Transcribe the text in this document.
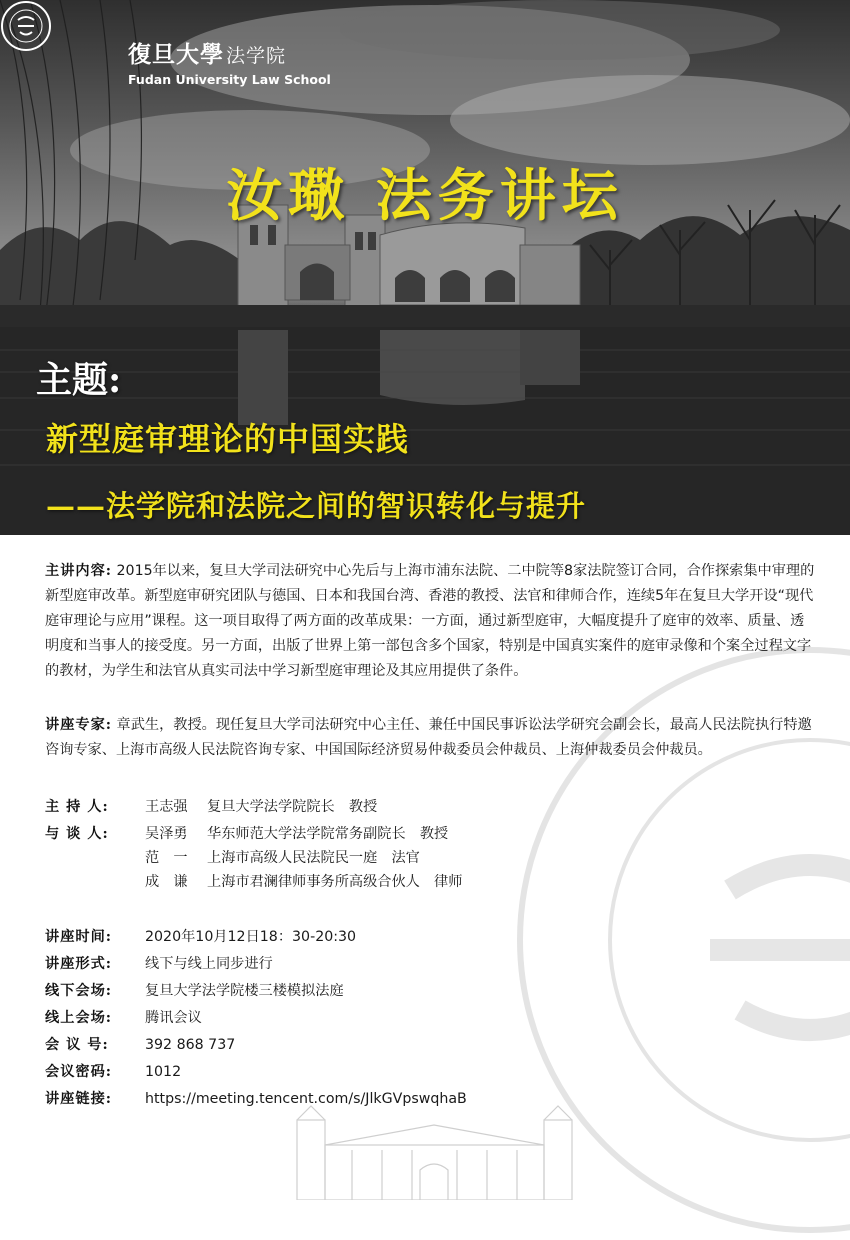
復旦大學 法学院
Fudan University Law School
汝璥 法务讲坛
主题:
新型庭审理论的中国实践
——法学院和法院之间的智识转化与提升
主讲内容: 2015年以来，复旦大学司法研究中心先后与上海市浦东法院、二中院等8家法院签订合同，合作探索集中审理的新型庭审改革。新型庭审研究团队与德国、日本和我国台湾、香港的教授、法官和律师合作，连续5年在复旦大学开设“现代庭审理论与应用”课程。这一项目取得了两方面的改革成果：一方面，通过新型庭审，大幅度提升了庭审的效率、质量、透明度和当事人的接受度。另一方面，出版了世界上第一部包含多个国家，特别是中国真实案件的庭审录像和个案全过程文字的教材，为学生和法官从真实司法中学习新型庭审理论及其应用提供了条件。
讲座专家: 章武生，教授。现任复旦大学司法研究中心主任、兼任中国民事诉讼法学研究会副会长，最高人民法院执行特邀咨询专家、上海市高级人民法院咨询专家、中国国际经济贸易仲裁委员会仲裁员、上海仲裁委员会仲裁员。
主 持 人:	王志强 复旦大学法学院院长　教授
与 谈 人:	吴泽勇 华东师范大学法学院常务副院长　教授
范　一 上海市高级人民法院民一庭　法官
成　谦 上海市君澜律师事务所高级合伙人　律师
讲座时间: 2020年10月12日18：30-20:30
讲座形式: 线下与线上同步进行
线下会场: 复旦大学法学院楼三楼模拟法庭
线上会场: 腾讯会议
会 议 号:	392 868 737
会议密码: 1012
讲座链接: https://meeting.tencent.com/s/JlkGVpswqhaB
